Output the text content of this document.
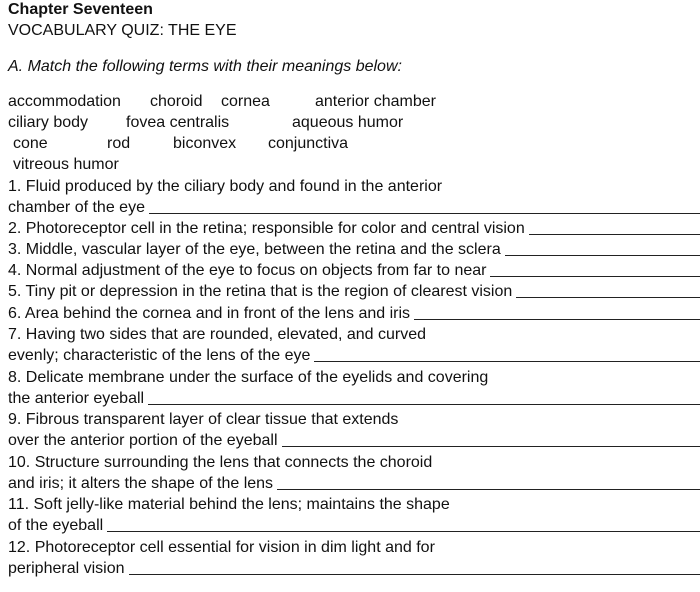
Chapter Seventeen
VOCABULARY QUIZ: THE EYE
A. Match the following terms with their meanings below:
accommodation choroid cornea	anterior chamber
ciliary body fovea centralis	aqueous humor
cone	rod	biconvex conjunctiva
vitreous humor
1. Fluid produced by the ciliary body and found in the anterior
chamber of the eye
2. Photoreceptor cell in the retina; responsible for color and central vision
3. Middle, vascular layer of the eye, between the retina and the sclera
4. Normal adjustment of the eye to focus on objects from far to near
5. Tiny pit or depression in the retina that is the region of clearest vision
6. Area behind the cornea and in front of the lens and iris
7. Having two sides that are rounded, elevated, and curved
evenly; characteristic of the lens of the eye
8. Delicate membrane under the surface of the eyelids and covering
the anterior eyeball
9. Fibrous transparent layer of clear tissue that extends
over the anterior portion of the eyeball
10. Structure surrounding the lens that connects the choroid
and iris; it alters the shape of the lens
11. Soft jelly-like material behind the lens; maintains the shape
of the eyeball
12. Photoreceptor cell essential for vision in dim light and for
peripheral vision
